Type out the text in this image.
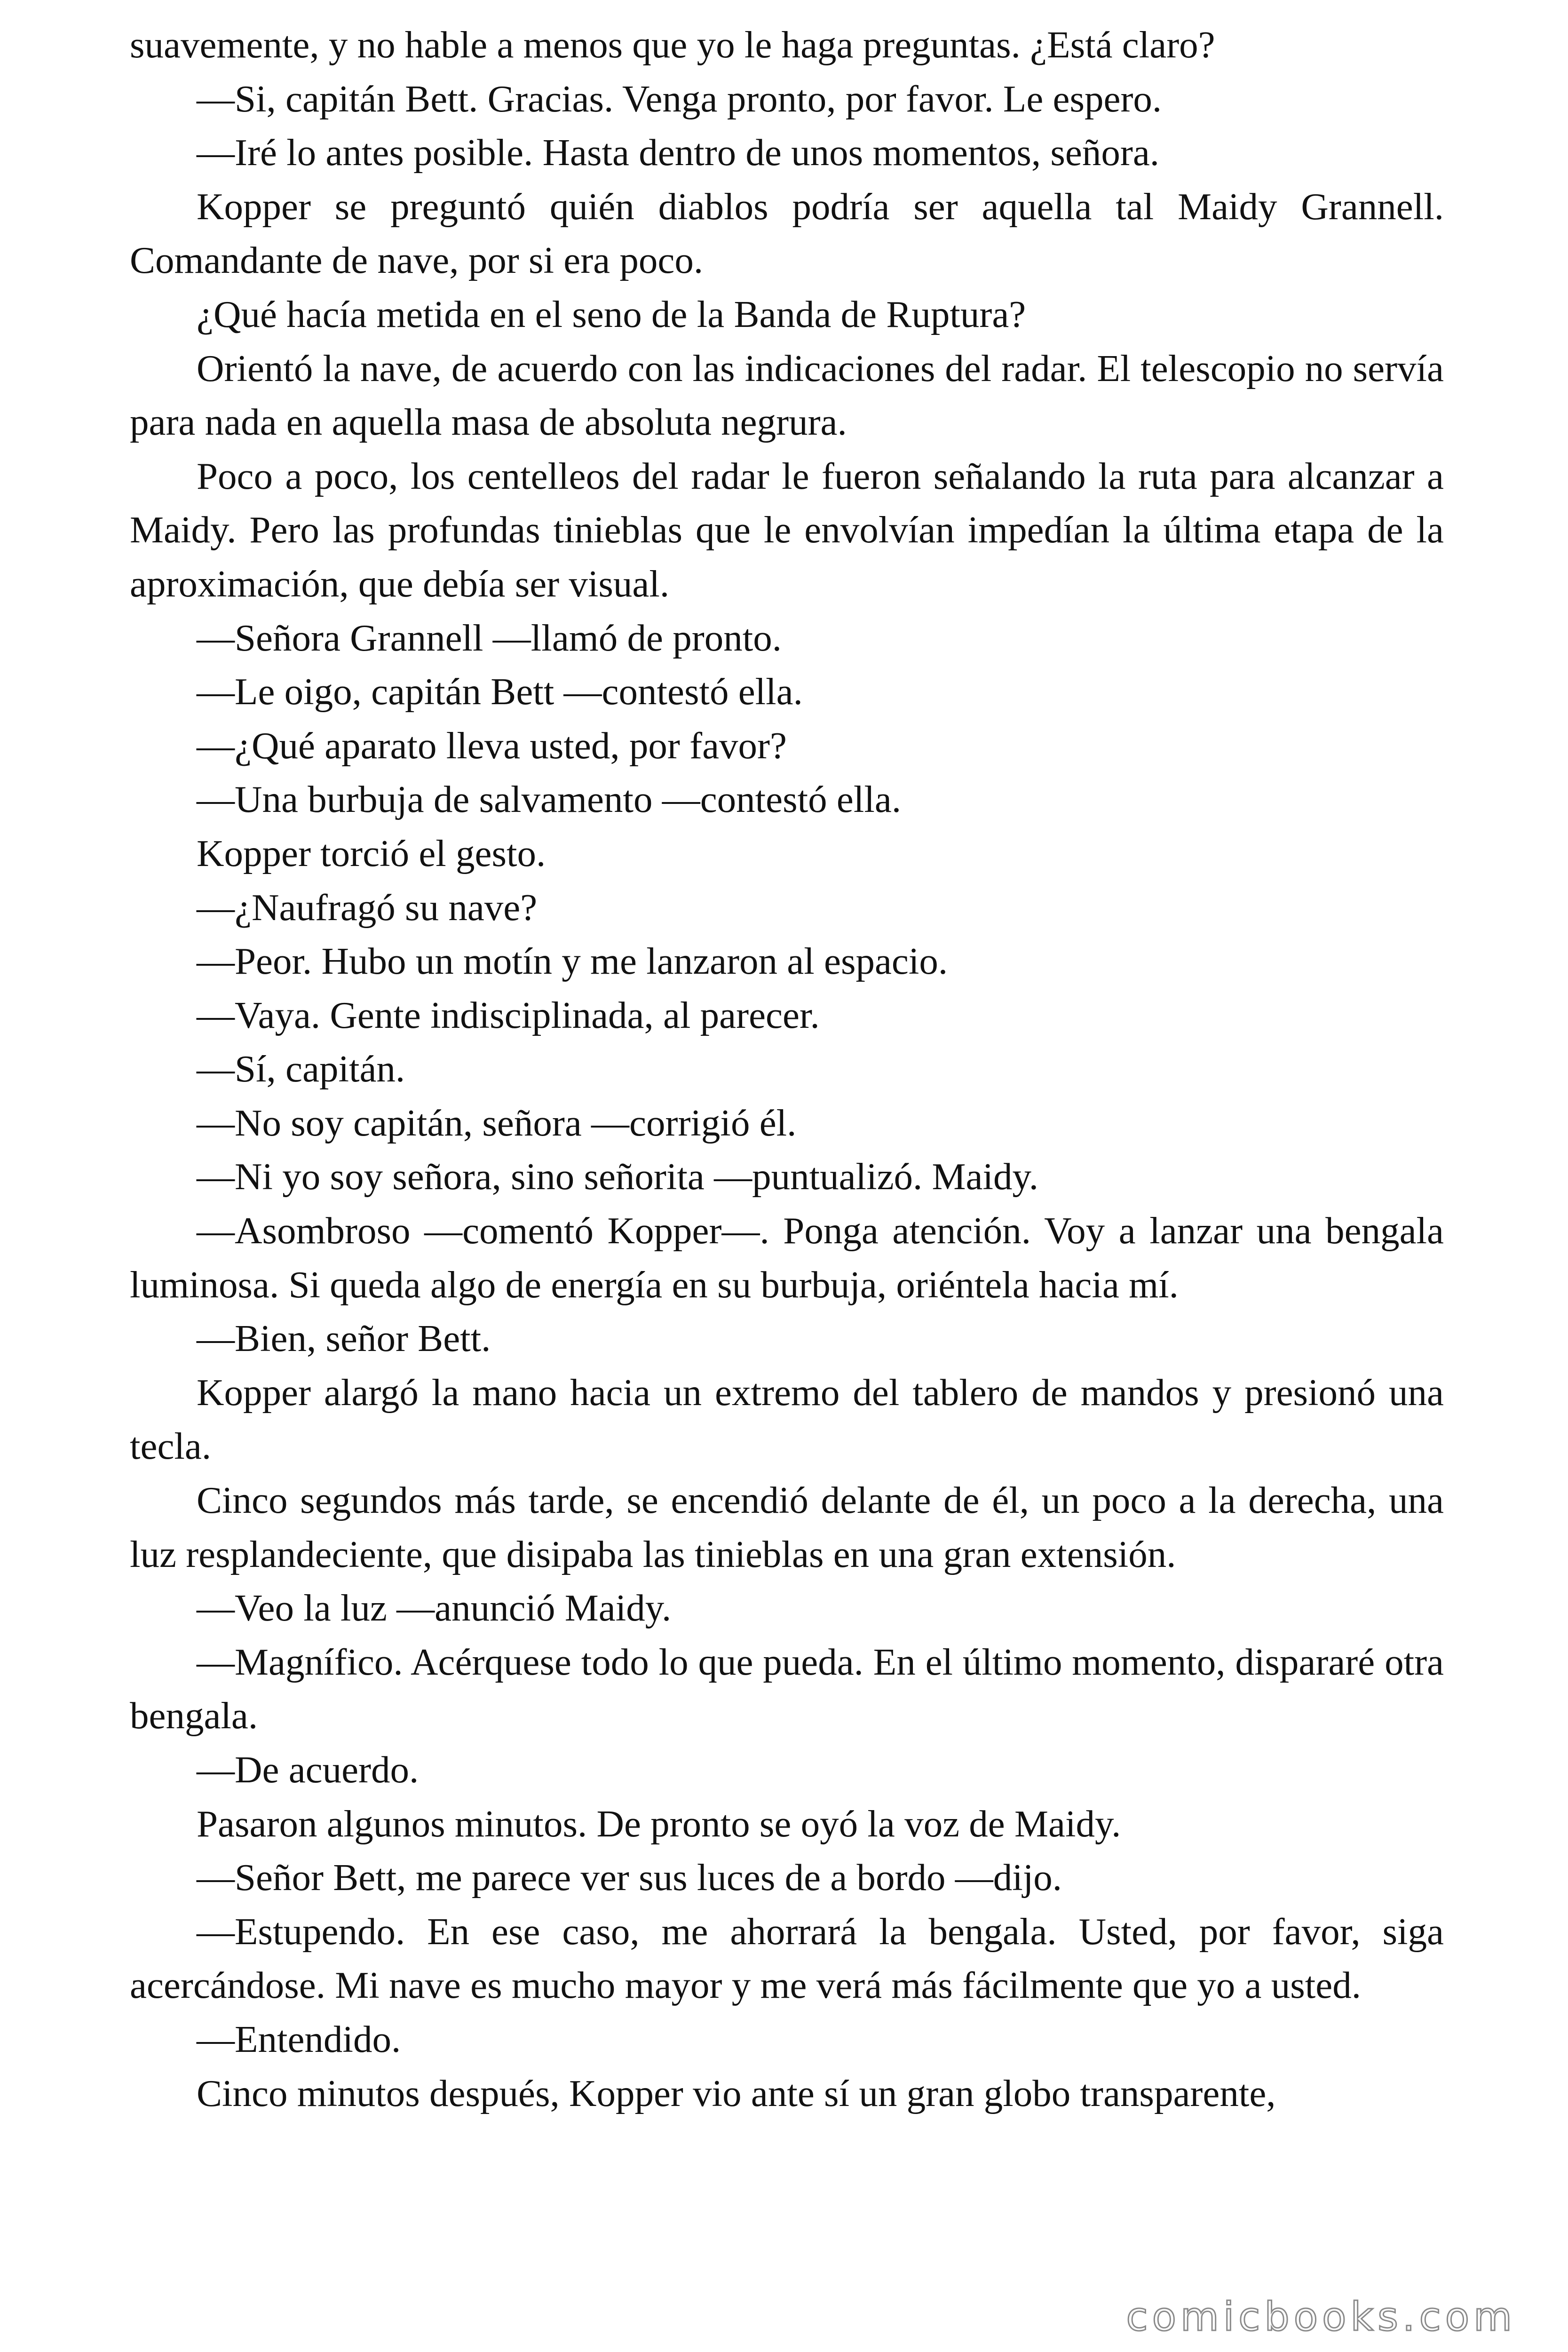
suavemente, y no hable a menos que yo le haga preguntas. ¿Está claro?

—Si, capitán Bett. Gracias. Venga pronto, por favor. Le espero.

—Iré lo antes posible. Hasta dentro de unos momentos, señora.

Kopper se preguntó quién diablos podría ser aquella tal Maidy Grannell. Comandante de nave, por si era poco.

¿Qué hacía metida en el seno de la Banda de Ruptura?

Orientó la nave, de acuerdo con las indicaciones del radar. El telescopio no servía para nada en aquella masa de absoluta negrura.

Poco a poco, los centelleos del radar le fueron señalando la ruta para alcanzar a Maidy. Pero las profundas tinieblas que le envolvían impedían la última etapa de la aproximación, que debía ser visual.

—Señora Grannell —llamó de pronto.

—Le oigo, capitán Bett —contestó ella.

—¿Qué aparato lleva usted, por favor?

—Una burbuja de salvamento —contestó ella.

Kopper torció el gesto.

—¿Naufragó su nave?

—Peor. Hubo un motín y me lanzaron al espacio.

—Vaya. Gente indisciplinada, al parecer.

—Sí, capitán.

—No soy capitán, señora —corrigió él.

—Ni yo soy señora, sino señorita —puntualizó. Maidy.

—Asombroso —comentó Kopper—. Ponga atención. Voy a lanzar una bengala luminosa. Si queda algo de energía en su burbuja, oriéntela hacia mí.

—Bien, señor Bett.

Kopper alargó la mano hacia un extremo del tablero de mandos y presionó una tecla.

Cinco segundos más tarde, se encendió delante de él, un poco a la derecha, una luz resplandeciente, que disipaba las tinieblas en una gran extensión.

—Veo la luz —anunció Maidy.

—Magnífico. Acérquese todo lo que pueda. En el último momento, dispararé otra bengala.

—De acuerdo.

Pasaron algunos minutos. De pronto se oyó la voz de Maidy.

—Señor Bett, me parece ver sus luces de a bordo —dijo.

—Estupendo. En ese caso, me ahorrará la bengala. Usted, por favor, siga acercándose. Mi nave es mucho mayor y me verá más fácilmente que yo a usted.

—Entendido.

Cinco minutos después, Kopper vio ante sí un gran globo transparente,

comicbooks.com
